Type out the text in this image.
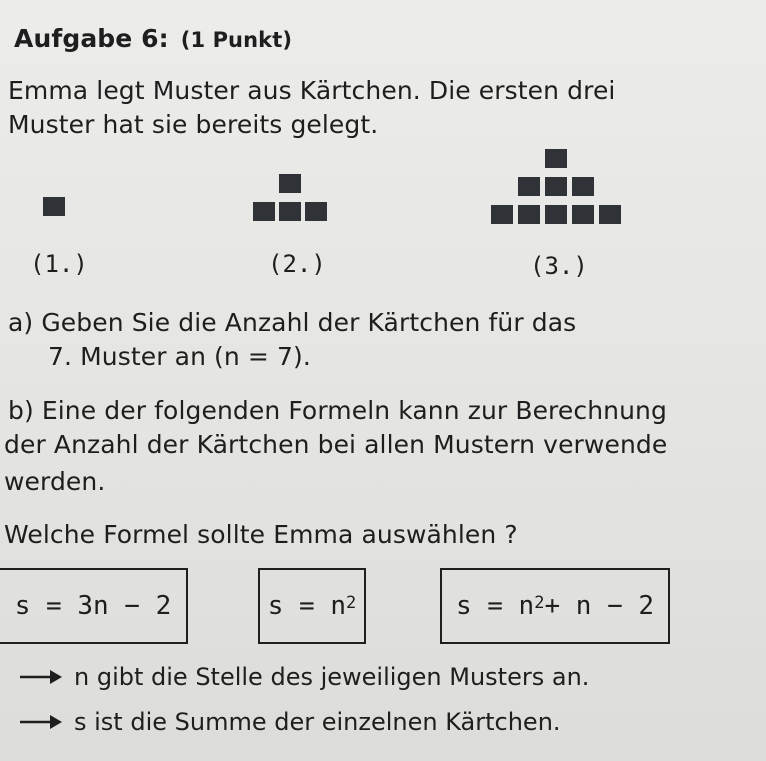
Aufgabe 6: (1 Punkt)
Emma legt Muster aus Kärtchen. Die ersten drei
Muster hat sie bereits gelegt.
(1.)	(2.)	(3.)
a) Geben Sie die Anzahl der Kärtchen für das
7. Muster an (n = 7).
b) Eine der folgenden Formeln kann zur Berechnung
der Anzahl der Kärtchen bei allen Mustern verwende
werden.
Welche Formel sollte Emma auswählen ?
s = 3n − 2	$s = n^2$	$s = n^2 + n - 2$
n gibt die Stelle des jeweiligen Musters an.
s ist die Summe der einzelnen Kärtchen.
